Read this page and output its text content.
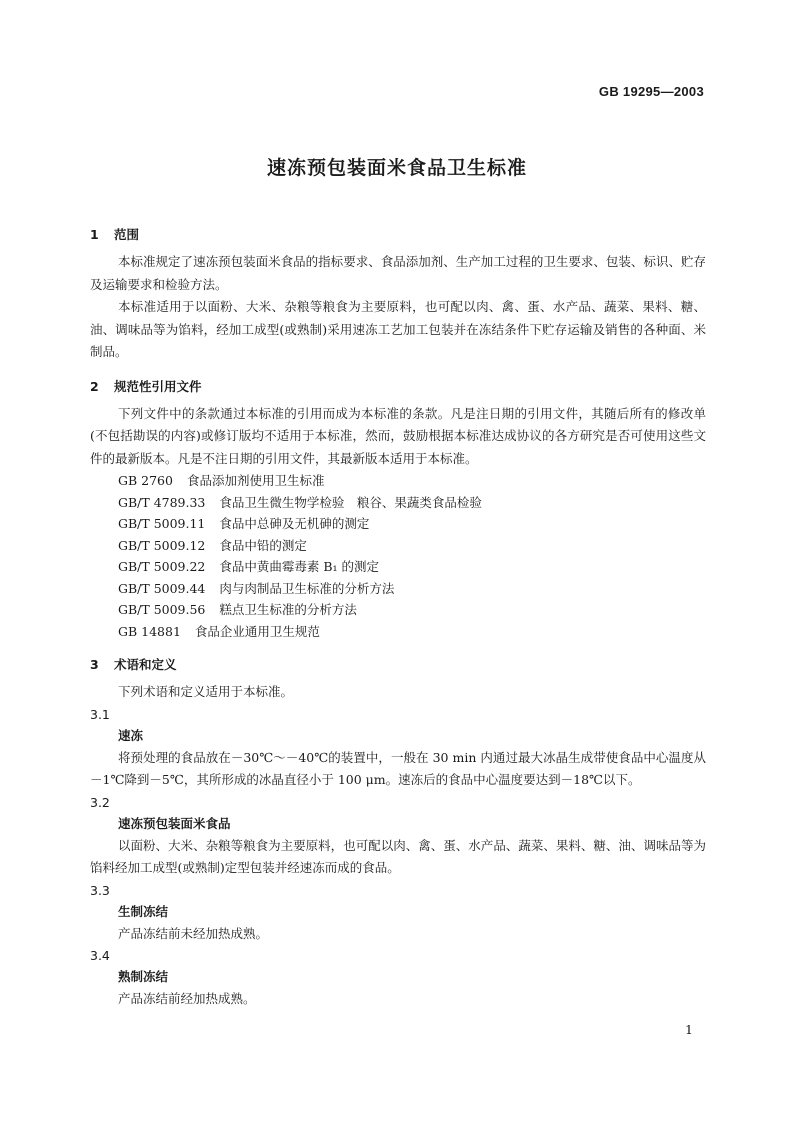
GB 19295—2003
速冻预包装面米食品卫生标准
1 范围

本标准规定了速冻预包装面米食品的指标要求、食品添加剂、生产加工过程的卫生要求、包装、标识、贮存及运输要求和检验方法。

本标准适用于以面粉、大米、杂粮等粮食为主要原料，也可配以肉、禽、蛋、水产品、蔬菜、果料、糖、油、调味品等为馅料，经加工成型(或熟制)采用速冻工艺加工包装并在冻结条件下贮存运输及销售的各种面、米制品。

2 规范性引用文件

下列文件中的条款通过本标准的引用而成为本标准的条款。凡是注日期的引用文件，其随后所有的修改单(不包括勘误的内容)或修订版均不适用于本标准，然而，鼓励根据本标准达成协议的各方研究是否可使用这些文件的最新版本。凡是不注日期的引用文件，其最新版本适用于本标准。

GB 2760 食品添加剂使用卫生标准
GB/T 4789.33 食品卫生微生物学检验　粮谷、果蔬类食品检验
GB/T 5009.11 食品中总砷及无机砷的测定
GB/T 5009.12 食品中铅的测定
GB/T 5009.22 食品中黄曲霉毒素 B₁ 的测定
GB/T 5009.44 肉与肉制品卫生标准的分析方法
GB/T 5009.56 糕点卫生标准的分析方法
GB 14881 食品企业通用卫生规范
3 术语和定义

下列术语和定义适用于本标准。

3.1
速冻

将预处理的食品放在－30℃～－40℃的装置中，一般在 30 min 内通过最大冰晶生成带使食品中心温度从－1℃降到－5℃，其所形成的冰晶直径小于 100 μm。速冻后的食品中心温度要达到－18℃以下。

3.2
速冻预包装面米食品

以面粉、大米、杂粮等粮食为主要原料，也可配以肉、禽、蛋、水产品、蔬菜、果料、糖、油、调味品等为馅料经加工成型(或熟制)定型包装并经速冻而成的食品。

3.3
生制冻结

产品冻结前未经加热成熟。

3.4
熟制冻结

产品冻结前经加热成熟。

1
